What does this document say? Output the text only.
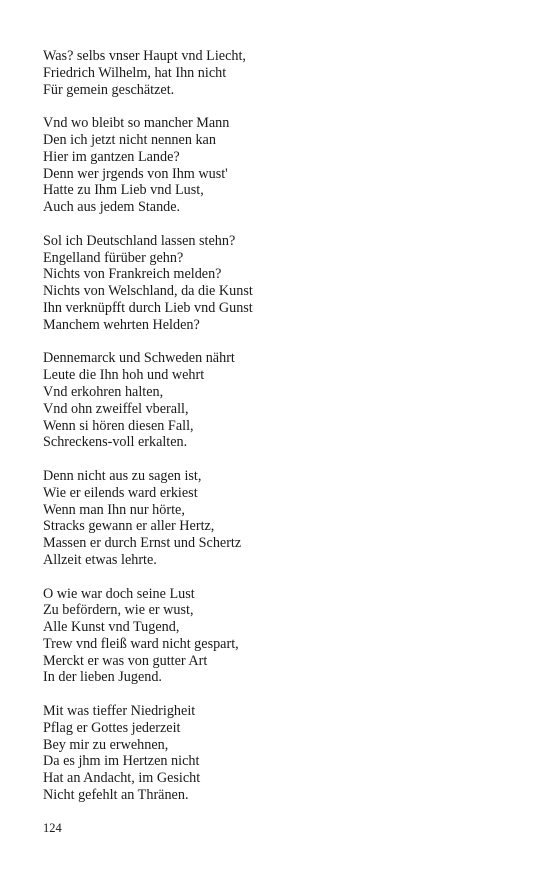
Was? selbs vnser Haupt vnd Liecht,
Friedrich Wilhelm, hat Ihn nicht
Für gemein geschätzet.
Vnd wo bleibt so mancher Mann
Den ich jetzt nicht nennen kan
Hier im gantzen Lande?
Denn wer jrgends von Ihm wust'
Hatte zu Ihm Lieb vnd Lust,
Auch aus jedem Stande.
Sol ich Deutschland lassen stehn?
Engelland fürüber gehn?
Nichts von Frankreich melden?
Nichts von Welschland, da die Kunst
Ihn verknüpfft durch Lieb vnd Gunst
Manchem wehrten Helden?
Dennemarck und Schweden nährt
Leute die Ihn hoh und wehrt
Vnd erkohren halten,
Vnd ohn zweiffel vberall,
Wenn si hören diesen Fall,
Schreckens-voll erkalten.
Denn nicht aus zu sagen ist,
Wie er eilends ward erkiest
Wenn man Ihn nur hörte,
Stracks gewann er aller Hertz,
Massen er durch Ernst und Schertz
Allzeit etwas lehrte.
O wie war doch seine Lust
Zu befördern, wie er wust,
Alle Kunst vnd Tugend,
Trew vnd fleiß ward nicht gespart,
Merckt er was von gutter Art
In der lieben Jugend.
Mit was tieffer Niedrigheit
Pflag er Gottes jederzeit
Bey mir zu erwehnen,
Da es jhm im Hertzen nicht
Hat an Andacht, im Gesicht
Nicht gefehlt an Thränen.
124
